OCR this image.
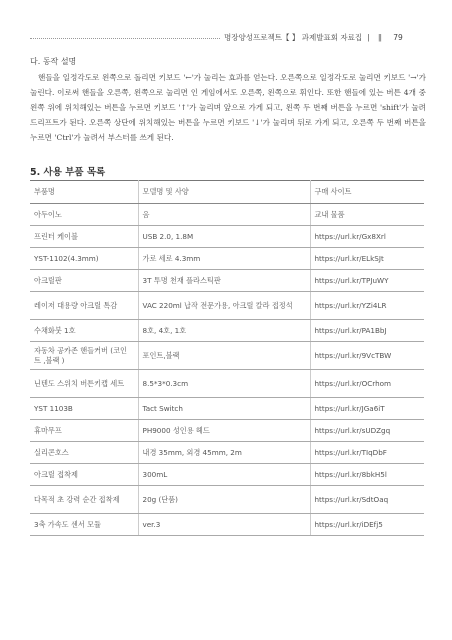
명장양성프로젝트【 】 과제발표회 자료집 ǀ ǁ 79
다. 동작 설명

핸들을 일정각도로 왼쪽으로 돌리면 키보드 '←'가 눌리는 효과를 얻는다. 오른쪽으로 일정각도로 눌리면 키보드 '→'가 눌린다. 이로써 핸들을 오른쪽, 왼쪽으로 눌리면 인 게임에서도 오른쪽, 왼쪽으로 휘인다. 또한 핸들에 있는 버튼 4개 중 왼쪽 위에 위치해있는 버튼을 누르면 키보드 '↑'가 눌리며 앞으로 가게 되고, 왼쪽 두 번째 버튼을 누르면 'shift'가 눌려 드리프트가 된다. 오른쪽 상단에 위치해있는 버튼을 누르면 키보드 '↓'가 눌리며 뒤로 가게 되고, 오른쪽 두 번째 버튼을 누르면 'Ctrl'가 눌려서 부스터를 쓰게 된다.

5. 사용 부품 목록
부품명	모델명 및 사양	구매 사이트
아두이노	옴	교내 물품
프린터 케이블	USB 2.0, 1.8M	https://url.kr/Gx8Xrl
YST-1102(4.3mm)	가로 세로 4.3mm	https://url.kr/ELkSJt
아크릴판	3T 투명 천재 플라스틱판	https://url.kr/TPJuWY
레이저 대용량 아크릴 톡감	VAC 220ml 납작 전문가용, 아크릴 칼라 접정석	https://url.kr/YZi4LR
수채화붓 1호	8호, 4호, 1호	https://url.kr/PA1BbJ
자동차 공카존 핸들커버 (코인트 ,블랙 )	포인트,블랙	https://url.kr/9VcTBW
닌텐도 스위치 버튼키캡 세트	8.5*3*0.3cm	https://url.kr/OCrhom
YST 1103B	Tact Switch	https://url.kr/JGa6iT
휴마무프	PH9000 성인용 헤드	https://url.kr/sUDZgq
실리콘호스	내경 35mm, 외경 45mm, 2m	https://url.kr/TIqDbF
아크릴 접착제	300mL	https://url.kr/8bkH5l
다목적 초 강력 순간 접착제	20g (단품)	https://url.kr/SdtOaq
3축 가속도 센서 모듈	ver.3	https://url.kr/iDEfj5
